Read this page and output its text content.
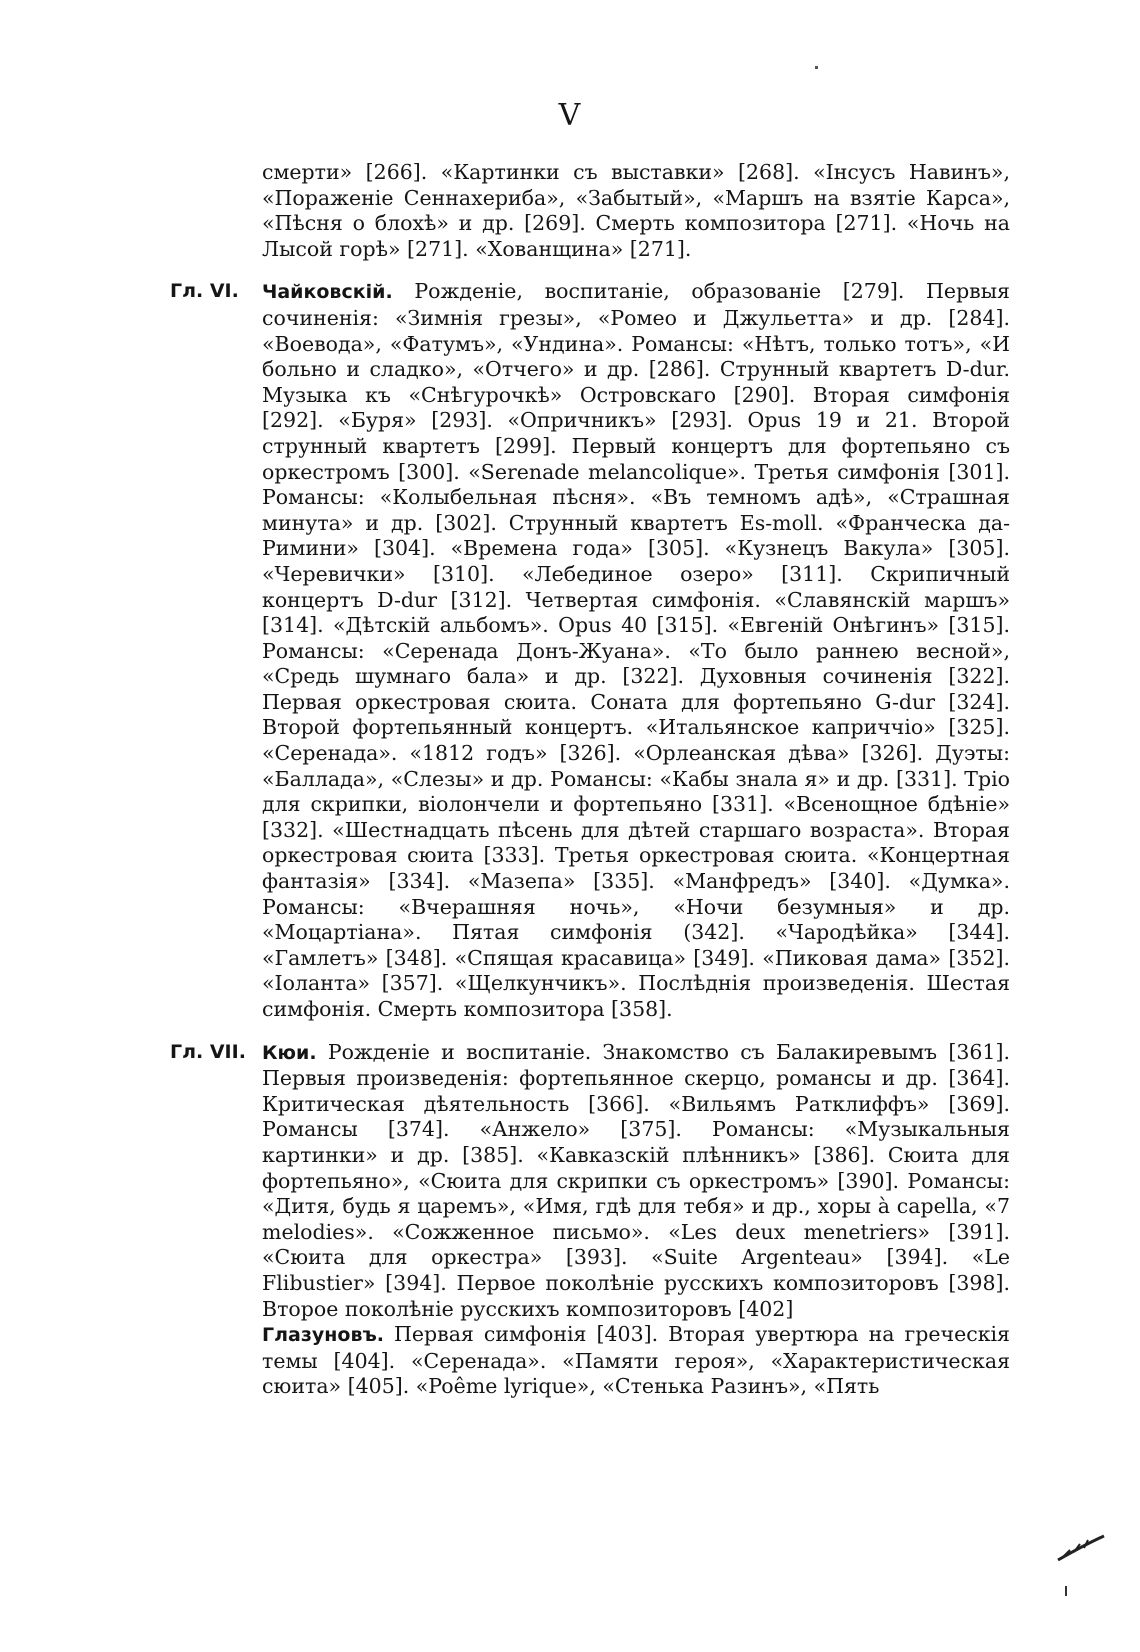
V

смерти» [266]. «Картинки съ выставки» [268]. «Інсусъ Навинъ», «Пораженіе Сеннахериба», «Забытый», «Маршъ на взятіе Карса», «Пѣсня о блохѣ» и др. [269]. Смерть композитора [271]. «Ночь на Лысой горѣ» [271]. «Хованщина» [271].

Гл. VI. Чайковскій. Рожденіе, воспитаніе, образованіе [279]. Первыя сочиненія: «Зимнія грезы», «Ромео и Джульетта» и др. [284]. «Воевода», «Фатумъ», «Ундина». Романсы: «Нѣтъ, только тотъ», «И больно и сладко», «Отчего» и др. [286]. Струнный квартетъ D-dur. Музыка къ «Снѣгурочкѣ» Островскаго [290]. Вторая симфонія [292]. «Буря» [293]. «Опричникъ» [293]. Opus 19 и 21. Второй струнный квартетъ [299]. Первый концертъ для фортепьяно съ оркестромъ [300]. «Serenade melancolique». Третья симфонія [301]. Романсы: «Колыбельная пѣсня». «Въ темномъ адѣ», «Страшная минута» и др. [302]. Струнный квартетъ Es-moll. «Франческа да-Римини» [304]. «Времена года» [305]. «Кузнецъ Вакула» [305]. «Черевички» [310]. «Лебединое озеро» [311]. Скрипичный концертъ D-dur [312]. Четвертая симфонія. «Славянскій маршъ» [314]. «Дѣтскій альбомъ». Opus 40 [315]. «Евгеній Онѣгинъ» [315]. Романсы: «Серенада Донъ-Жуана». «То было раннею весной», «Средь шумнаго бала» и др. [322]. Духовныя сочиненія [322]. Первая оркестровая сюита. Соната для фортепьяно G-dur [324]. Второй фортепьянный концертъ. «Итальянское каприччіо» [325]. «Серенада». «1812 годъ» [326]. «Орлеанская дѣва» [326]. Дуэты: «Баллада», «Слезы» и др. Романсы: «Кабы знала я» и др. [331]. Тріо для скрипки, віолончели и фортепьяно [331]. «Всенощное бдѣніе» [332]. «Шестнадцать пѣсень для дѣтей старшаго возраста». Вторая оркестровая сюита [333]. Третья оркестровая сюита. «Концертная фантазія» [334]. «Мазепа» [335]. «Манфредъ» [340]. «Думка». Романсы: «Вчерашняя ночь», «Ночи безумныя» и др. «Моцартіана». Пятая симфонія (342]. «Чародѣйка» [344]. «Гамлетъ» [348]. «Спящая красавица» [349]. «Пиковая дама» [352]. «Іоланта» [357]. «Щелкунчикъ». Послѣднія произведенія. Шестая симфонія. Смерть композитора [358].
Гл. VII. Кюи. Рожденіе и воспитаніе. Знакомство съ Балакиревымъ [361]. Первыя произведенія: фортепьянное скерцо, романсы и др. [364]. Критическая дѣятельность [366]. «Вильямъ Ратклиффъ» [369]. Романсы [374]. «Анжело» [375]. Романсы: «Музыкальныя картинки» и др. [385]. «Кавказскій плѣнникъ» [386]. Сюита для фортепьяно», «Сюита для скрипки съ оркестромъ» [390]. Романсы: «Дитя, будь я царемъ», «Имя, гдѣ для тебя» и др., хоры à capella, «7 melodies». «Сожженное письмо». «Les deux menetriers» [391]. «Сюита для оркестра» [393]. «Suite Argenteau» [394]. «Le Flibustier» [394]. Первое поколѣніе русскихъ композиторовъ [398]. Второе поколѣніе русскихъ композиторовъ [402]
Глазуновъ. Первая симфонія [403]. Вторая увертюра на греческія темы [404]. «Серенада». «Памяти героя», «Характеристическая сюита» [405]. «Poême lyrique», «Стенька Разинъ», «Пять
